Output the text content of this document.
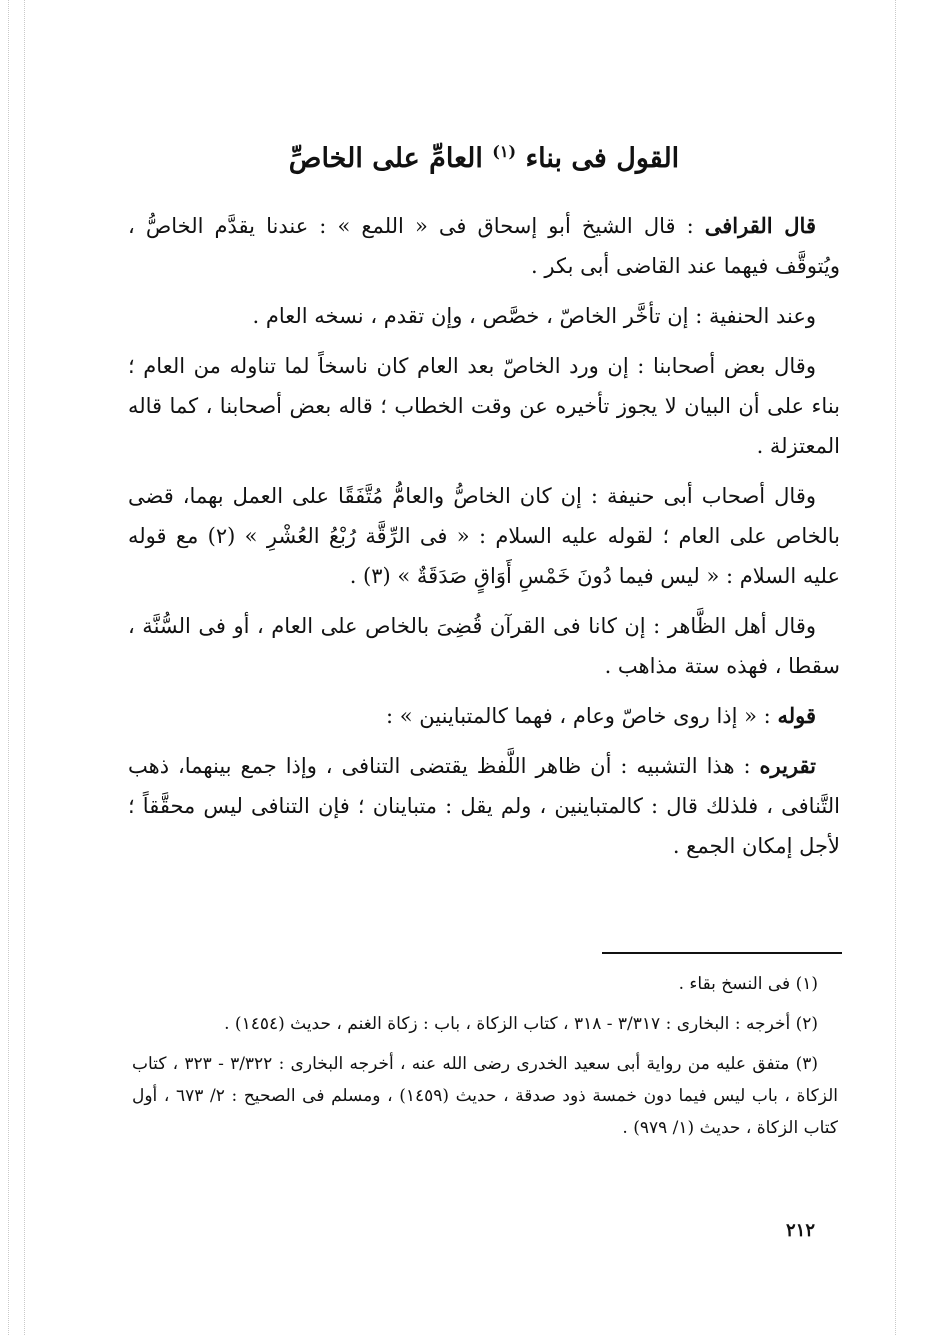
القول فى بناء $^{(١)}$ العامِّ على الخاصِّ

قال القرافى : قال الشيخ أبو إسحاق فى « اللمع » : عندنا يقدَّم الخاصُّ ، ويُتوقَّف فيهما عند القاضى أبى بكر .

وعند الحنفية : إن تأخَّر الخاصّ ، خصَّص ، وإن تقدم ، نسخه العام .

وقال بعض أصحابنا : إن ورد الخاصّ بعد العام كان ناسخاً لما تناوله من العام ؛ بناء على أن البيان لا يجوز تأخيره عن وقت الخطاب ؛ قاله بعض أصحابنا ، كما قاله المعتزلة .

وقال أصحاب أبى حنيفة : إن كان الخاصُّ والعامُّ مُتَّفَقًا على العمل بهما، قضى بالخاص على العام ؛ لقوله عليه السلام : « فى الرِّقَّة رُبْعُ العُشْرِ » (٢) مع قوله عليه السلام : « ليس فيما دُونَ خَمْسِ أَوَاقٍ صَدَقَةٌ » (٣) .

وقال أهل الظَّاهر : إن كانا فى القرآن قُضِىَ بالخاص على العام ، أو فى السُّنَّة ، سقطا ، فهذه ستة مذاهب .

قوله : « إذا روى خاصّ وعام ، فهما كالمتباينين » :

تقريره : هذا التشبيه : أن ظاهر اللَّفظ يقتضى التنافى ، وإذا جمع بينهما، ذهب التَّنافى ، فلذلك قال : كالمتباينين ، ولم يقل : متباينان ؛ فإن التنافى ليس محقَّقاً ؛ لأجل إمكان الجمع .

(١) فى النسخ بقاء .

(٢) أخرجه : البخارى : ٣/٣١٧ - ٣١٨ ، كتاب الزكاة ، باب : زكاة الغنم ، حديث (١٤٥٤) .

(٣) متفق عليه من رواية أبى سعيد الخدرى رضى الله عنه ، أخرجه البخارى : ٣/٣٢٢ - ٣٢٣ ، كتاب الزكاة ، باب ليس فيما دون خمسة ذود صدقة ، حديث (١٤٥٩) ، ومسلم فى الصحيح : ٢/ ٦٧٣ ، أول كتاب الزكاة ، حديث (١/ ٩٧٩) .

٢١٢
